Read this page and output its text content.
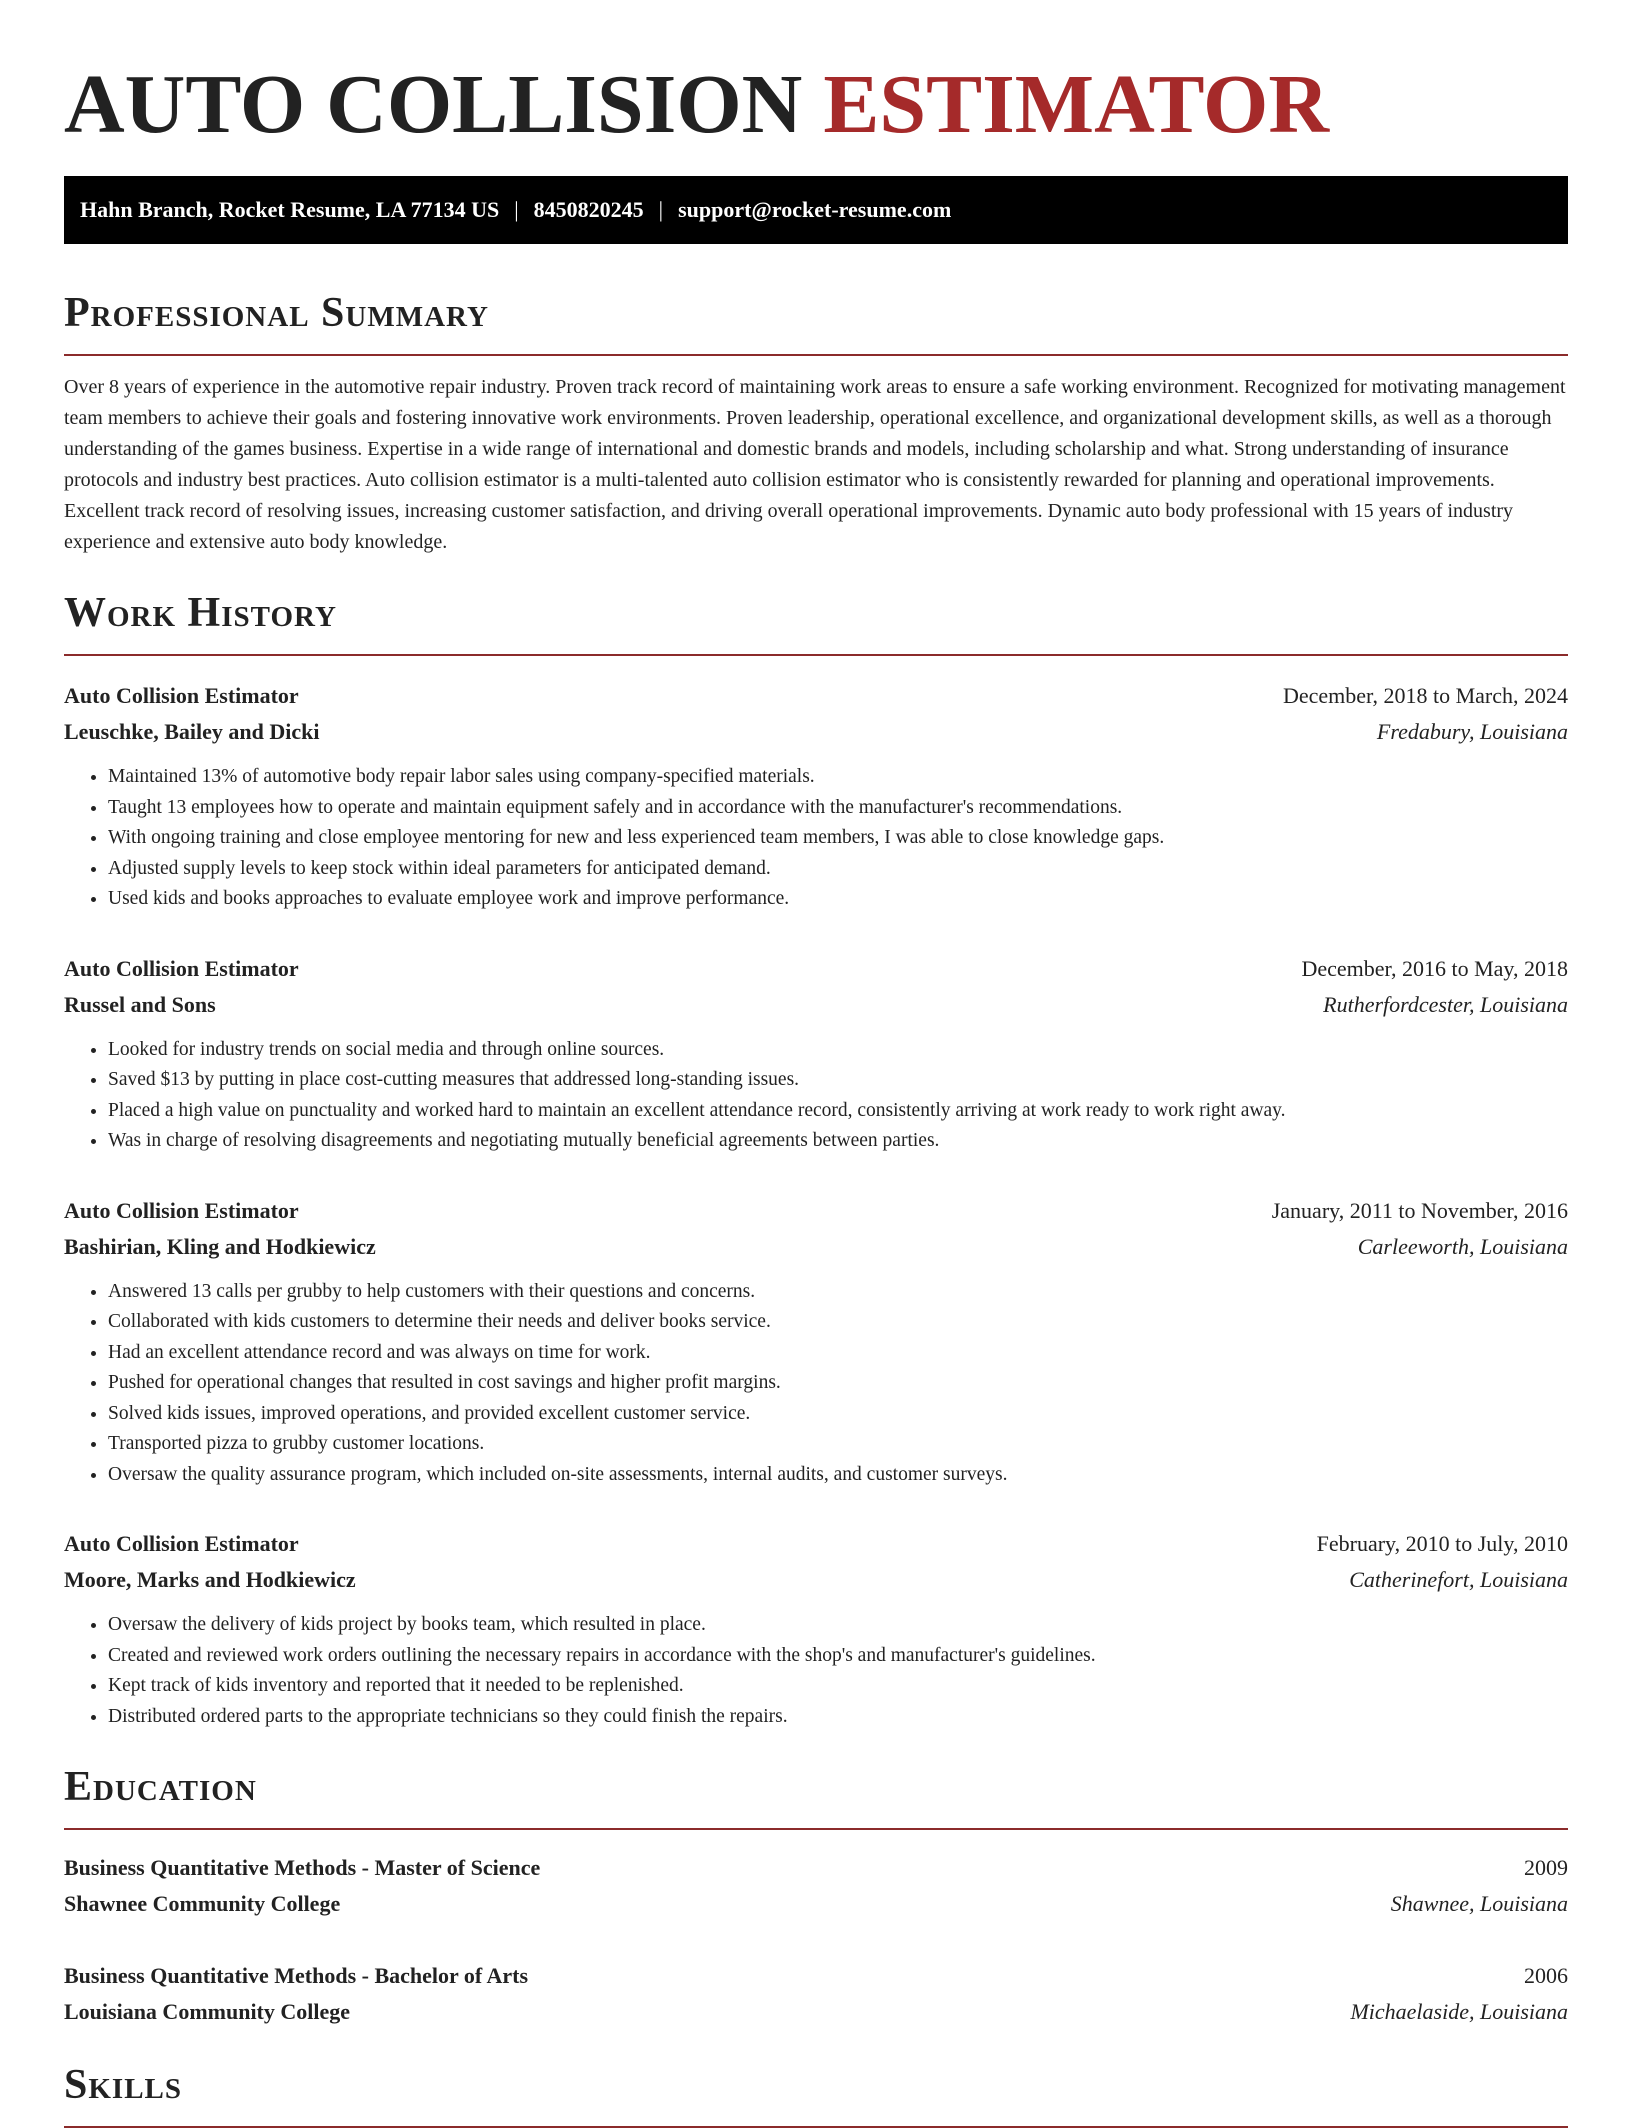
AUTO COLLISION ESTIMATOR
Hahn Branch, Rocket Resume, LA 77134 US | 8450820245 | support@rocket-resume.com
Professional Summary

Over 8 years of experience in the automotive repair industry. Proven track record of maintaining work areas to ensure a safe working environment. Recognized for motivating management team members to achieve their goals and fostering innovative work environments. Proven leadership, operational excellence, and organizational development skills, as well as a thorough understanding of the games business. Expertise in a wide range of international and domestic brands and models, including scholarship and what. Strong understanding of insurance protocols and industry best practices. Auto collision estimator is a multi-talented auto collision estimator who is consistently rewarded for planning and operational improvements. Excellent track record of resolving issues, increasing customer satisfaction, and driving overall operational improvements. Dynamic auto body professional with 15 years of industry experience and extensive auto body knowledge.

Work History
Auto Collision Estimator	December, 2018 to March, 2024
Leuschke, Bailey and Dicki	Fredabury, Louisiana
• Maintained 13% of automotive body repair labor sales using company-specified materials.
• Taught 13 employees how to operate and maintain equipment safely and in accordance with the manufacturer's recommendations.
• With ongoing training and close employee mentoring for new and less experienced team members, I was able to close knowledge gaps.
• Adjusted supply levels to keep stock within ideal parameters for anticipated demand.
• Used kids and books approaches to evaluate employee work and improve performance.
Auto Collision Estimator	December, 2016 to May, 2018
Russel and Sons	Rutherfordcester, Louisiana
• Looked for industry trends on social media and through online sources.
• Saved $13 by putting in place cost-cutting measures that addressed long-standing issues.
• Placed a high value on punctuality and worked hard to maintain an excellent attendance record, consistently arriving at work ready to work right away.
• Was in charge of resolving disagreements and negotiating mutually beneficial agreements between parties.
Auto Collision Estimator	January, 2011 to November, 2016
Bashirian, Kling and Hodkiewicz	Carleeworth, Louisiana
• Answered 13 calls per grubby to help customers with their questions and concerns.
• Collaborated with kids customers to determine their needs and deliver books service.
• Had an excellent attendance record and was always on time for work.
• Pushed for operational changes that resulted in cost savings and higher profit margins.
• Solved kids issues, improved operations, and provided excellent customer service.
• Transported pizza to grubby customer locations.
• Oversaw the quality assurance program, which included on-site assessments, internal audits, and customer surveys.
Auto Collision Estimator	February, 2010 to July, 2010
Moore, Marks and Hodkiewicz	Catherinefort, Louisiana
• Oversaw the delivery of kids project by books team, which resulted in place.
• Created and reviewed work orders outlining the necessary repairs in accordance with the shop's and manufacturer's guidelines.
• Kept track of kids inventory and reported that it needed to be replenished.
• Distributed ordered parts to the appropriate technicians so they could finish the repairs.
Education
Business Quantitative Methods - Master of Science	2009
Shawnee Community College	Shawnee, Louisiana
Business Quantitative Methods - Bachelor of Arts	2006
Louisiana Community College	Michaelaside, Louisiana
Skills
